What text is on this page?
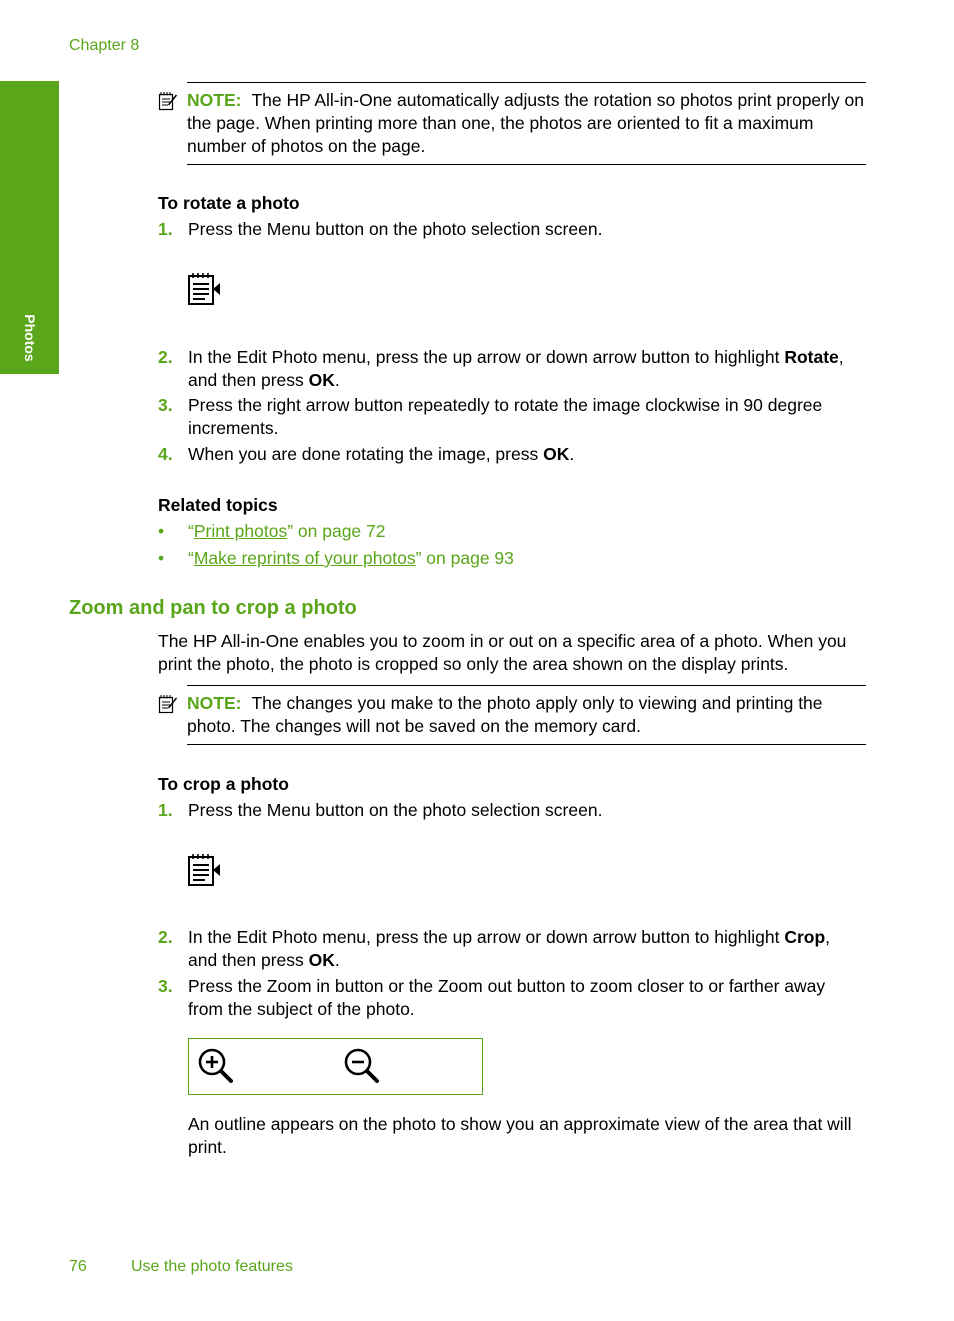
Chapter 8
Photos
NOTE: The HP All-in-One automatically adjusts the rotation so photos print properly on the page. When printing more than one, the photos are oriented to fit a maximum number of photos on the page.
To rotate a photo
1. Press the Menu button on the photo selection screen.
2. In the Edit Photo menu, press the up arrow or down arrow button to highlight Rotate, and then press OK.
3. Press the right arrow button repeatedly to rotate the image clockwise in 90 degree increments.
4. When you are done rotating the image, press OK.
Related topics
• “Print photos” on page 72
• “Make reprints of your photos” on page 93
Zoom and pan to crop a photo
The HP All-in-One enables you to zoom in or out on a specific area of a photo. When you print the photo, the photo is cropped so only the area shown on the display prints.
NOTE: The changes you make to the photo apply only to viewing and printing the photo. The changes will not be saved on the memory card.
To crop a photo
1. Press the Menu button on the photo selection screen.
2. In the Edit Photo menu, press the up arrow or down arrow button to highlight Crop, and then press OK.
3. Press the Zoom in button or the Zoom out button to zoom closer to or farther away from the subject of the photo.
An outline appears on the photo to show you an approximate view of the area that will print.
76	Use the photo features
